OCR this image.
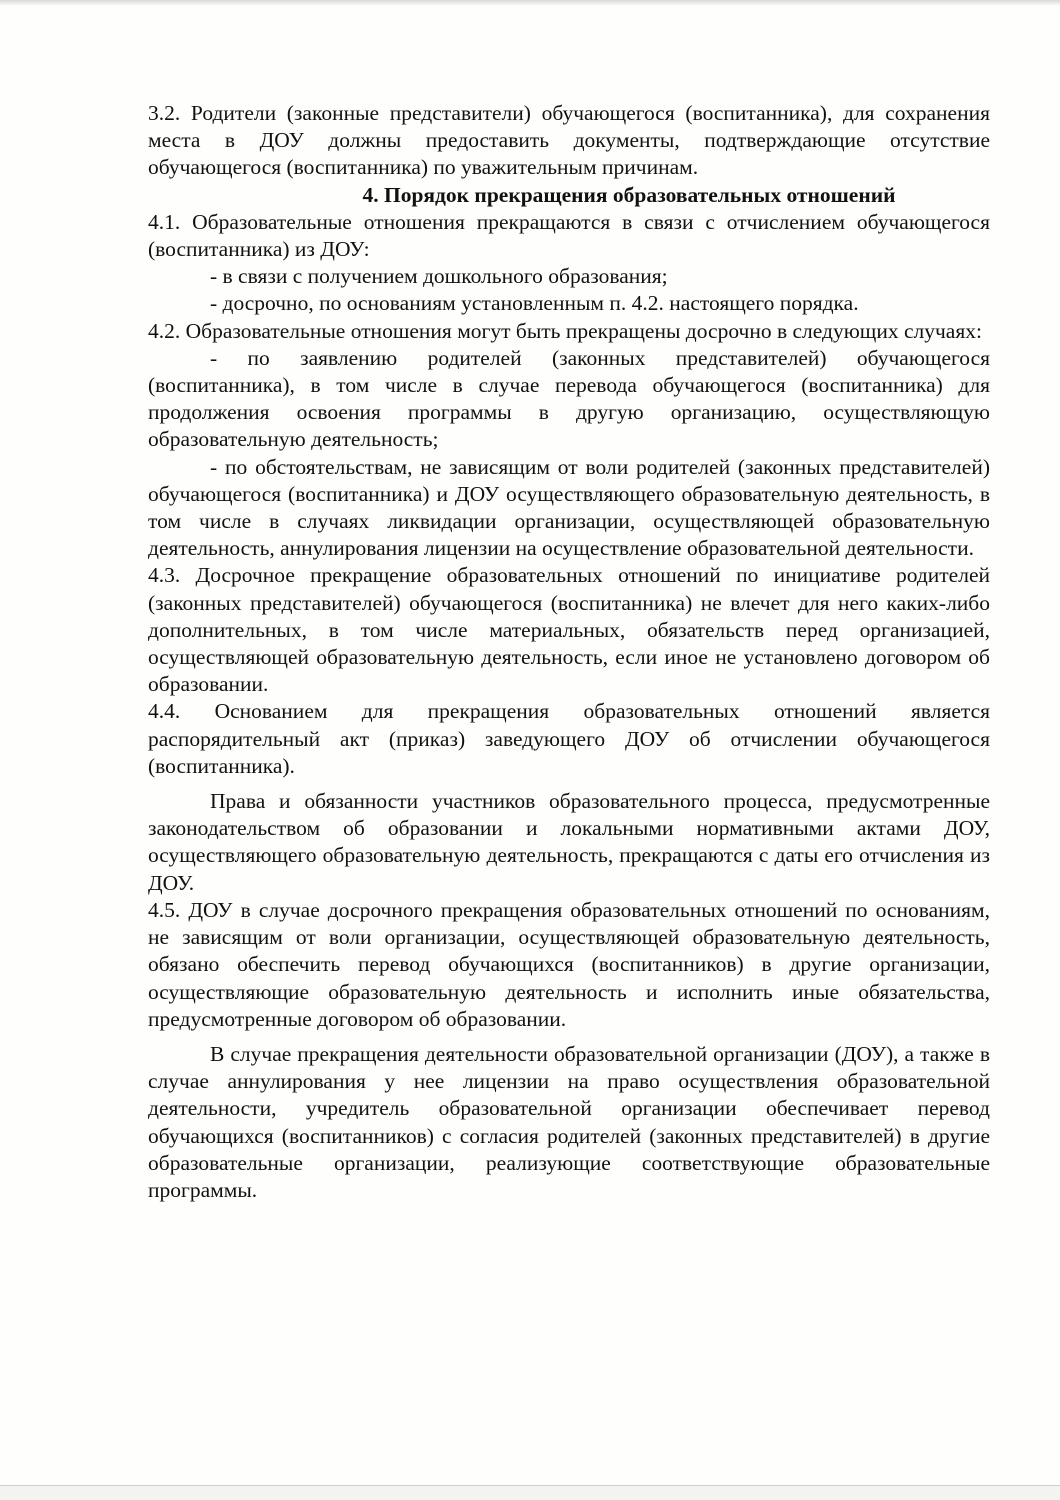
3.2. Родители (законные представители) обучающегося (воспитанника), для сохранения места в ДОУ должны предоставить документы, подтверждающие отсутствие обучающегося (воспитанника) по уважительным причинам.

4. Порядок прекращения образовательных отношений

4.1. Образовательные отношения прекращаются в связи с отчислением обучающегося (воспитанника) из ДОУ:

- в связи с получением дошкольного образования;

- досрочно, по основаниям установленным п. 4.2. настоящего порядка.

4.2. Образовательные отношения могут быть прекращены досрочно в следующих случаях:

- по заявлению родителей (законных представителей) обучающегося (воспитанника), в том числе в случае перевода обучающегося (воспитанника) для продолжения освоения программы в другую организацию, осуществляющую образовательную деятельность;

- по обстоятельствам, не зависящим от воли родителей (законных представителей) обучающегося (воспитанника) и ДОУ осуществляющего образовательную деятельность, в том числе в случаях ликвидации организации, осуществляющей образовательную деятельность, аннулирования лицензии на осуществление образовательной деятельности.

4.3. Досрочное прекращение образовательных отношений по инициативе родителей (законных представителей) обучающегося (воспитанника) не влечет для него каких-либо дополнительных, в том числе материальных, обязательств перед организацией, осуществляющей образовательную деятельность, если иное не установлено договором об образовании.

4.4. Основанием для прекращения образовательных отношений является распорядительный акт (приказ) заведующего ДОУ об отчислении обучающегося (воспитанника).

Права и обязанности участников образовательного процесса, предусмотренные законодательством об образовании и локальными нормативными актами ДОУ, осуществляющего образовательную деятельность, прекращаются с даты его отчисления из ДОУ.

4.5. ДОУ в случае досрочного прекращения образовательных отношений по основаниям, не зависящим от воли организации, осуществляющей образовательную деятельность, обязано обеспечить перевод обучающихся (воспитанников) в другие организации, осуществляющие образовательную деятельность и исполнить иные обязательства, предусмотренные договором об образовании.

В случае прекращения деятельности образовательной организации (ДОУ), а также в случае аннулирования у нее лицензии на право осуществления образовательной деятельности, учредитель образовательной организации обеспечивает перевод обучающихся (воспитанников) с согласия родителей (законных представителей) в другие образовательные организации, реализующие соответствующие образовательные программы.
